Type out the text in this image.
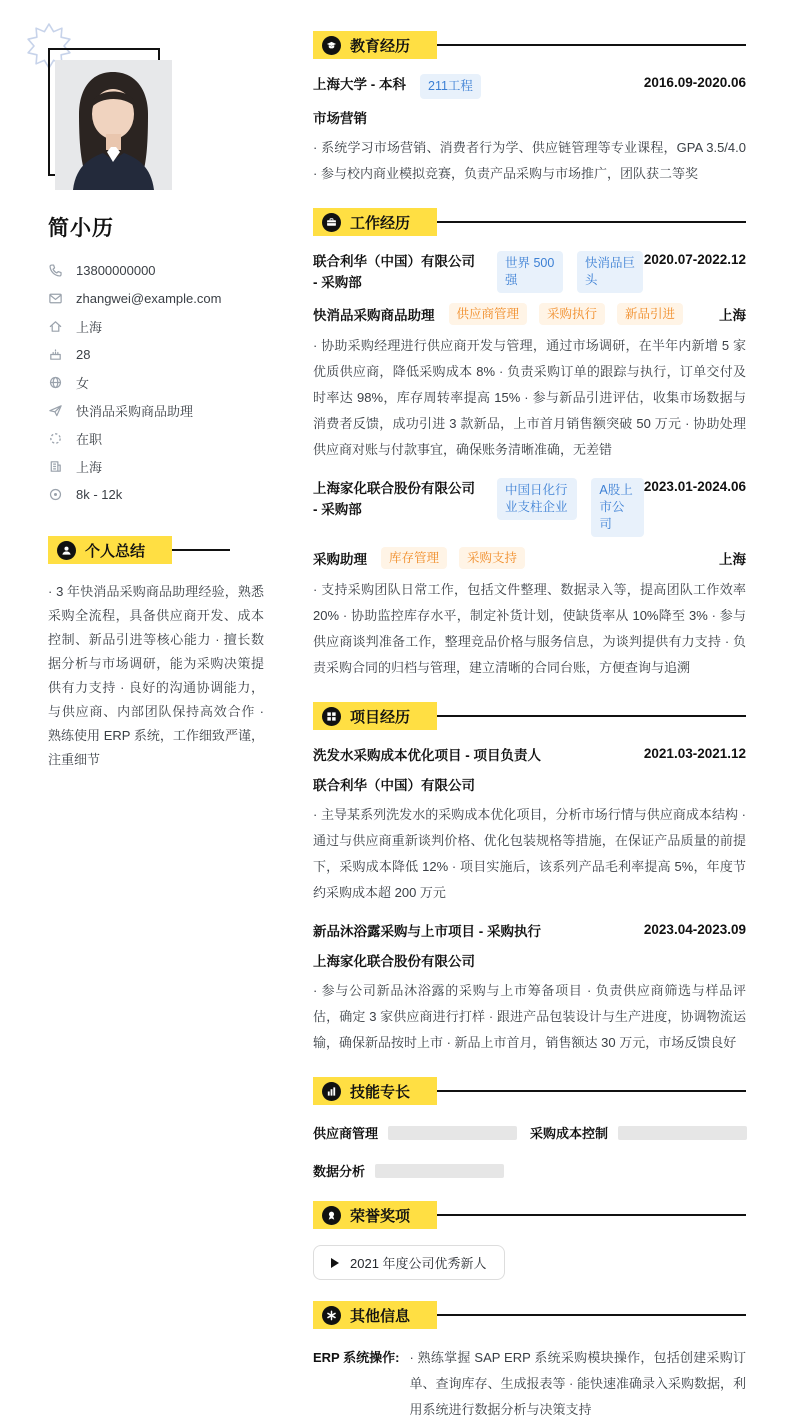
简小历
13800000000
zhangwei@example.com
上海
28
女
快消品采购商品助理
在职
上海
8k - 12k
个人总结

· 3 年快消品采购商品助理经验，熟悉采购全流程，具备供应商开发、成本控制、新品引进等核心能力 · 擅长数据分析与市场调研，能为采购决策提供有力支持 · 良好的沟通协调能力，与供应商、内部团队保持高效合作 · 熟练使用 ERP 系统，工作细致严谨，注重细节

教育经历
上海大学 - 本科	211工程	2016.09-2020.06
市场营销

· 系统学习市场营销、消费者行为学、供应链管理等专业课程，GPA 3.5/4.0 · 参与校内商业模拟竞赛，负责产品采购与市场推广，团队获二等奖

工作经历
联合利华（中国）有限公司 - 采购部
世界 500 强
快消品巨头
2020.07-2022.12
快消品采购商品助理	供应商管理	采购执行	新品引进	上海

· 协助采购经理进行供应商开发与管理，通过市场调研，在半年内新增 5 家优质供应商，降低采购成本 8% · 负责采购订单的跟踪与执行，订单交付及时率达 98%，库存周转率提高 15% · 参与新品引进评估，收集市场数据与消费者反馈，成功引进 3 款新品，上市首月销售额突破 50 万元 · 协助处理供应商对账与付款事宜，确保账务清晰准确，无差错

上海家化联合股份有限公司 - 采购部
中国日化行业支柱企业
A股上市公司
2023.01-2024.06
采购助理	库存管理	采购支持	上海

· 支持采购团队日常工作，包括文件整理、数据录入等，提高团队工作效率 20% · 协助监控库存水平，制定补货计划，使缺货率从 10%降至 3% · 参与供应商谈判准备工作，整理竞品价格与服务信息，为谈判提供有力支持 · 负责采购合同的归档与管理，建立清晰的合同台账，方便查询与追溯

项目经历
洗发水采购成本优化项目 - 项目负责人	2021.03-2021.12
联合利华（中国）有限公司

· 主导某系列洗发水的采购成本优化项目，分析市场行情与供应商成本结构 · 通过与供应商重新谈判价格、优化包装规格等措施，在保证产品质量的前提下，采购成本降低 12% · 项目实施后，该系列产品毛利率提高 5%，年度节约采购成本超 200 万元

新品沐浴露采购与上市项目 - 采购执行	2023.04-2023.09
上海家化联合股份有限公司

· 参与公司新品沐浴露的采购与上市筹备项目 · 负责供应商筛选与样品评估，确定 3 家供应商进行打样 · 跟进产品包装设计与生产进度，协调物流运输，确保新品按时上市 · 新品上市首月，销售额达 30 万元，市场反馈良好

技能专长
供应商管理	采购成本控制
数据分析
荣誉奖项
2021 年度公司优秀新人
其他信息
ERP 系统操作: · 熟练掌握 SAP ERP 系统采购模块操作，包括创建采购订单、查询库存、生成报表等 · 能快速准确录入采购数据，利用系统进行数据分析与决策支持
